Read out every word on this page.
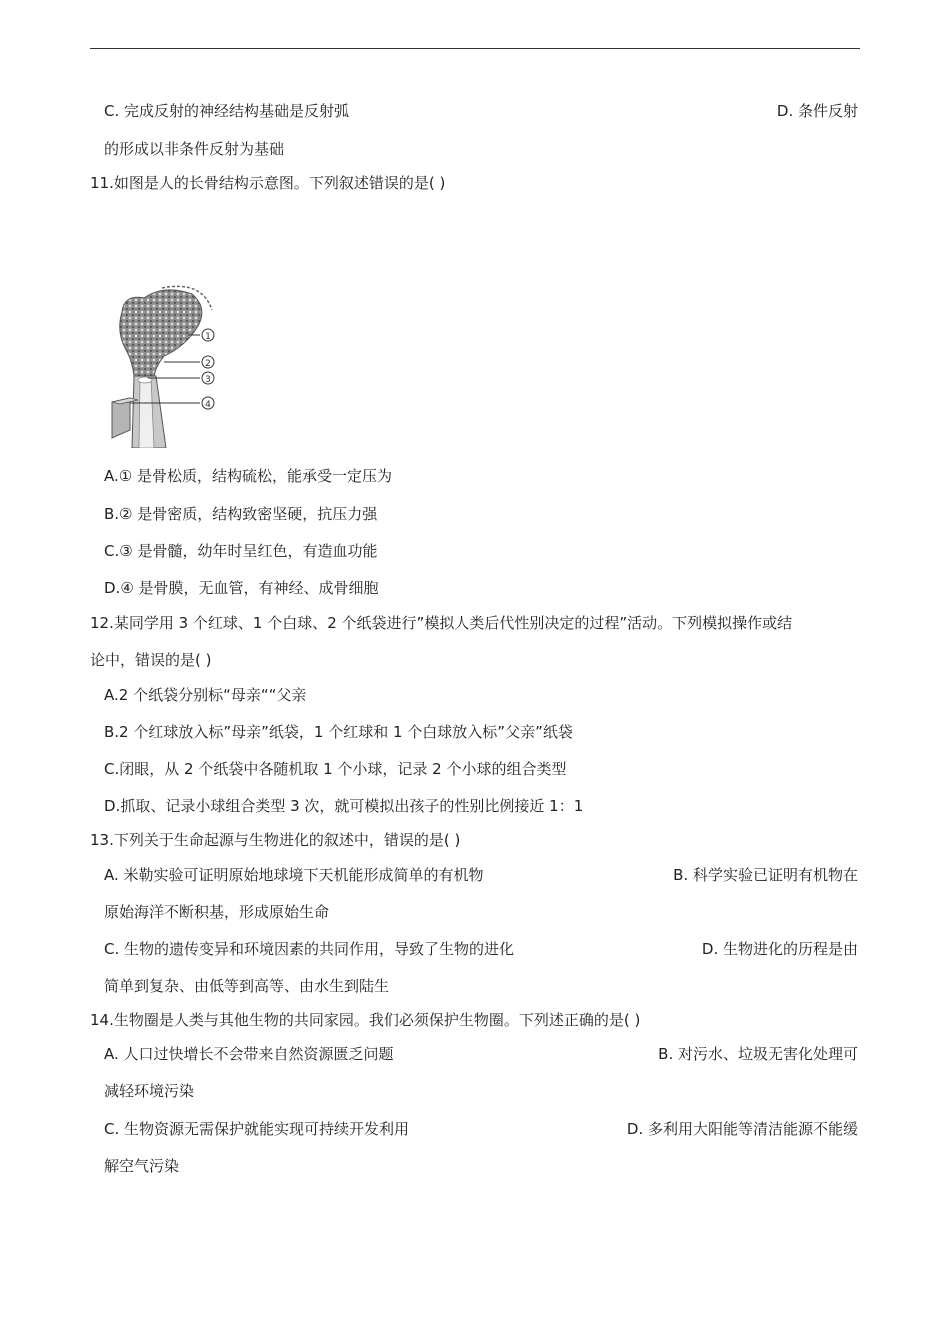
C. 完成反射的神经结构基础是反射弧	D. 条件反射
的形成以非条件反射为基础
11.如图是人的长骨结构示意图。下列叙述错误的是( )
1
2
3
4
A.① 是骨松质，结构硫松，能承受一定压为
B.② 是骨密质，结构致密坚硬，抗压力强
C.③ 是骨髓，幼年时呈红色，有造血功能
D.④ 是骨膜，无血管，有神经、成骨细胞
12.某同学用 3 个红球、1 个白球、2 个纸袋进行”模拟人类后代性别决定的过程”活动。下列模拟操作或结
论中，错误的是( )
A.2 个纸袋分别标“母亲““父亲
B.2 个红球放入标”母亲”纸袋，1 个红球和 1 个白球放入标”父亲”纸袋
C.闭眼，从 2 个纸袋中各随机取 1 个小球，记录 2 个小球的组合类型
D.抓取、记录小球组合类型 3 次，就可模拟出孩子的性别比例接近 1：1
13.下列关于生命起源与生物进化的叙述中，错误的是( )
A. 米勒实验可证明原始地球境下天机能形成简单的有机物	B. 科学实验已证明有机物在
原始海洋不断积基，形成原始生命
C. 生物的遗传变异和环境因素的共同作用，导致了生物的进化	D. 生物进化的历程是由
简单到复杂、由低等到高等、由水生到陆生
14.生物圈是人类与其他生物的共同家园。我们必须保护生物圈。下列述正确的是( )
A. 人口过快增长不会带来自然资源匮乏问题	B. 对污水、垃圾无害化处理可
减轻环境污染
C. 生物资源无需保护就能实现可持续开发利用	D. 多利用大阳能等清洁能源不能缓
解空气污染
